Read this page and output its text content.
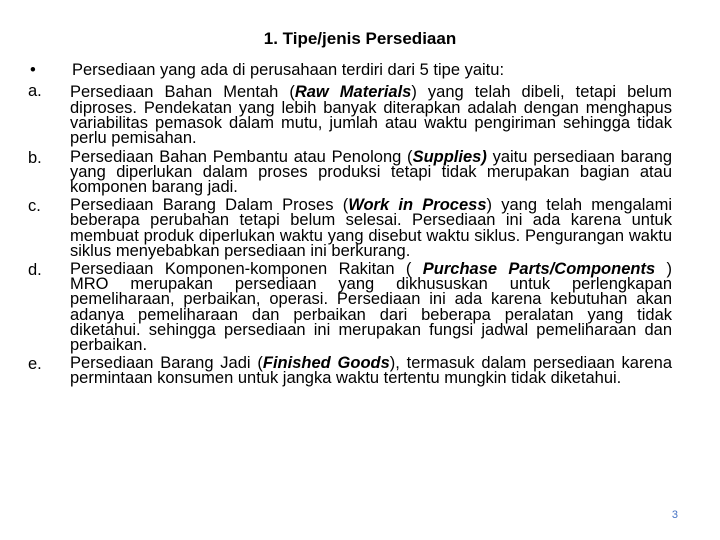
1. Tipe/jenis Persediaan
•	Persediaan yang ada di perusahaan terdiri dari 5 tipe yaitu:
a.	Persediaan Bahan Mentah (Raw Materials) yang telah dibeli, tetapi belum diproses. Pendekatan yang lebih banyak diterapkan adalah dengan menghapus variabilitas pemasok dalam mutu, jumlah atau waktu pengiriman sehingga tidak perlu pemisahan.
b.	Persediaan Bahan Pembantu atau Penolong (Supplies) yaitu persediaan barang yang diperlukan dalam proses produksi tetapi tidak merupakan bagian atau komponen barang jadi.
c.	Persediaan Barang Dalam Proses (Work in Process) yang telah mengalami beberapa perubahan tetapi belum selesai. Persediaan ini ada karena untuk membuat produk diperlukan waktu yang disebut waktu siklus. Pengurangan waktu siklus menyebabkan persediaan ini berkurang.
d.	Persediaan Komponen-komponen Rakitan ( Purchase Parts/Components ) MRO merupakan persediaan yang dikhususkan untuk perlengkapan pemeliharaan, perbaikan, operasi. Persediaan ini ada karena kebutuhan akan adanya pemeliharaan dan perbaikan dari beberapa peralatan yang tidak diketahui. sehingga persediaan ini merupakan fungsi jadwal pemeliharaan dan perbaikan.
e.	Persediaan Barang Jadi (Finished Goods), termasuk dalam persediaan karena permintaan konsumen untuk jangka waktu tertentu mungkin tidak diketahui.
3
